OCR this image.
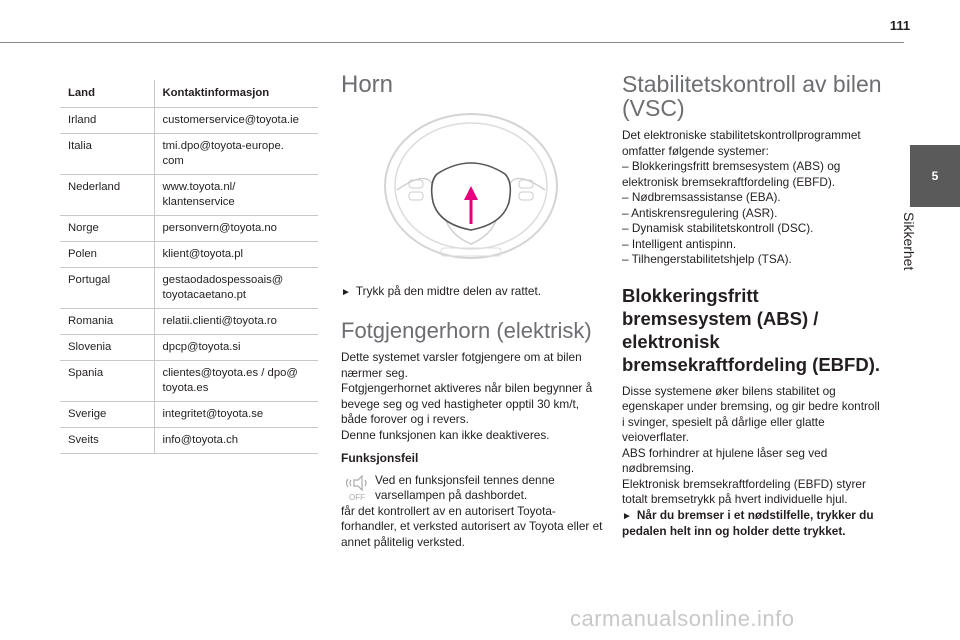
111
5
Sikkerhet
Land	Kontaktinformasjon
Irland	customerservice@toyota.ie
Italia	tmi.dpo@toyota-europe.
com
Nederland	www.toyota.nl/
klantenservice
Norge	personvern@toyota.no
Polen	klient@toyota.pl
Portugal	gestaodadospessoais@
toyotacaetano.pt
Romania	relatii.clienti@toyota.ro
Slovenia	dpcp@toyota.si
Spania	clientes@toyota.es / dpo@
toyota.es
Sverige	integritet@toyota.se
Sveits	info@toyota.ch
Horn
► Trykk på den midtre delen av rattet.
Fotgjengerhorn (elektrisk)
Dette systemet varsler fotgjengere om at bilen nærmer seg.
Fotgjengerhornet aktiveres når bilen begynner å bevege seg og ved hastigheter opptil 30 km/t, både forover og i revers.
Denne funksjonen kan ikke deaktiveres.
Funksjonsfeil
OFF
Ved en funksjonsfeil tennes denne varsellampen på dashbordet.
får det kontrollert av en autorisert Toyota-forhandler, et verksted autorisert av Toyota eller et annet pålitelig verksted.
Stabilitetskontroll av bilen (VSC)
Det elektroniske stabilitetskontrollprogrammet omfatter følgende systemer:
– Blokkeringsfritt bremsesystem (ABS) og elektronisk bremsekraftfordeling (EBFD).
– Nødbremsassistanse (EBA).
– Antiskrensregulering (ASR).
– Dynamisk stabilitetskontroll (DSC).
– Intelligent antispinn.
– Tilhengerstabilitetshjelp (TSA).
Blokkeringsfritt bremsesystem (ABS) / elektronisk bremsekraftfordeling (EBFD).
Disse systemene øker bilens stabilitet og egenskaper under bremsing, og gir bedre kontroll i svinger, spesielt på dårlige eller glatte veioverflater.
ABS forhindrer at hjulene låser seg ved nødbremsing.
Elektronisk bremsekraftfordeling (EBFD) styrer totalt bremsetrykk på hvert individuelle hjul.
► Når du bremser i et nødstilfelle, trykker du pedalen helt inn og holder dette trykket.
carmanualsonline.info
